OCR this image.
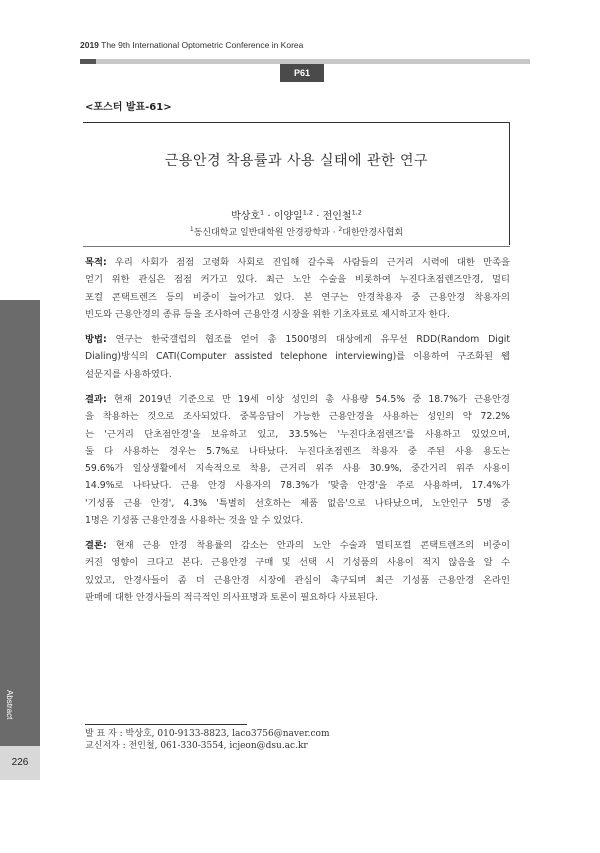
2019 The 9th International Optometric Conference in Korea
P61
<포스터 발표-61>
근용안경 착용률과 사용 실태에 관한 연구
박상호$^1$ · 이양일$^{1,2}$ · 전인철$^{1,2}$
$^1$동신대학교 일반대학원 안경광학과 · $^2$대한안경사협회
목적: 우리 사회가 점점 고령화 사회로 진입해 갈수록 사람들의 근거리 시력에 대한 만족을
얻기 위한 관심은 점점 커가고 있다. 최근 노안 수술을 비롯하여 누진다초점렌즈안경, 멀티
포컬 콘택트렌즈 등의 비중이 늘어가고 있다. 본 연구는 안경착용자 중 근용안경 착용자의
빈도와 근용안경의 종류 등을 조사하여 근용안경 시장을 위한 기초자료로 제시하고자 한다.
방법: 연구는 한국갤럽의 협조를 얻어 총 1500명의 대상에게 유무선 RDD(Random Digit
Dialing)방식의 CATI(Computer assisted telephone interviewing)를 이용하여 구조화된 웹
설문지를 사용하였다.
결과: 현재 2019년 기준으로 만 19세 이상 성인의 총 사용량 54.5% 중 18.7%가 근용안경
을 착용하는 것으로 조사되었다. 중복응답이 가능한 근용안경을 사용하는 성인의 약 72.2%
는 '근거리 단초점안경'을 보유하고 있고, 33.5%는 '누진다초점렌즈'를 사용하고 있었으며,
둘 다 사용하는 경우는 5.7%로 나타났다. 누진다초점렌즈 착용자 중 주된 사용 용도는
59.6%가 일상생활에서 지속적으로 착용, 근거리 위주 사용 30.9%, 중간거리 위주 사용이
14.9%로 나타났다. 근용 안경 사용자의 78.3%가 '맞춤 안경'을 주로 사용하며, 17.4%가
'기성품 근용 안경', 4.3% '특별히 선호하는 제품 없음'으로 나타났으며, 노안인구 5명 중
1명은 기성품 근용안경을 사용하는 것을 알 수 있었다.
결론: 현재 근용 안경 착용률의 감소는 안과의 노안 수술과 멀티포컬 콘택트렌즈의 비중이
커진 영향이 크다고 본다. 근용안경 구매 및 선택 시 기성품의 사용이 적지 않음을 알 수
있었고, 안경사들이 좀 더 근용안경 시장에 관심이 촉구되며 최근 기성품 근용안경 온라인
판매에 대한 안경사들의 적극적인 의사표명과 토론이 필요하다 사료된다.
발 표 자 : 박상호, 010-9133-8823, laco3756@naver.com
교신저자 : 전인철, 061-330-3554, icjeon@dsu.ac.kr
Abstract
226
